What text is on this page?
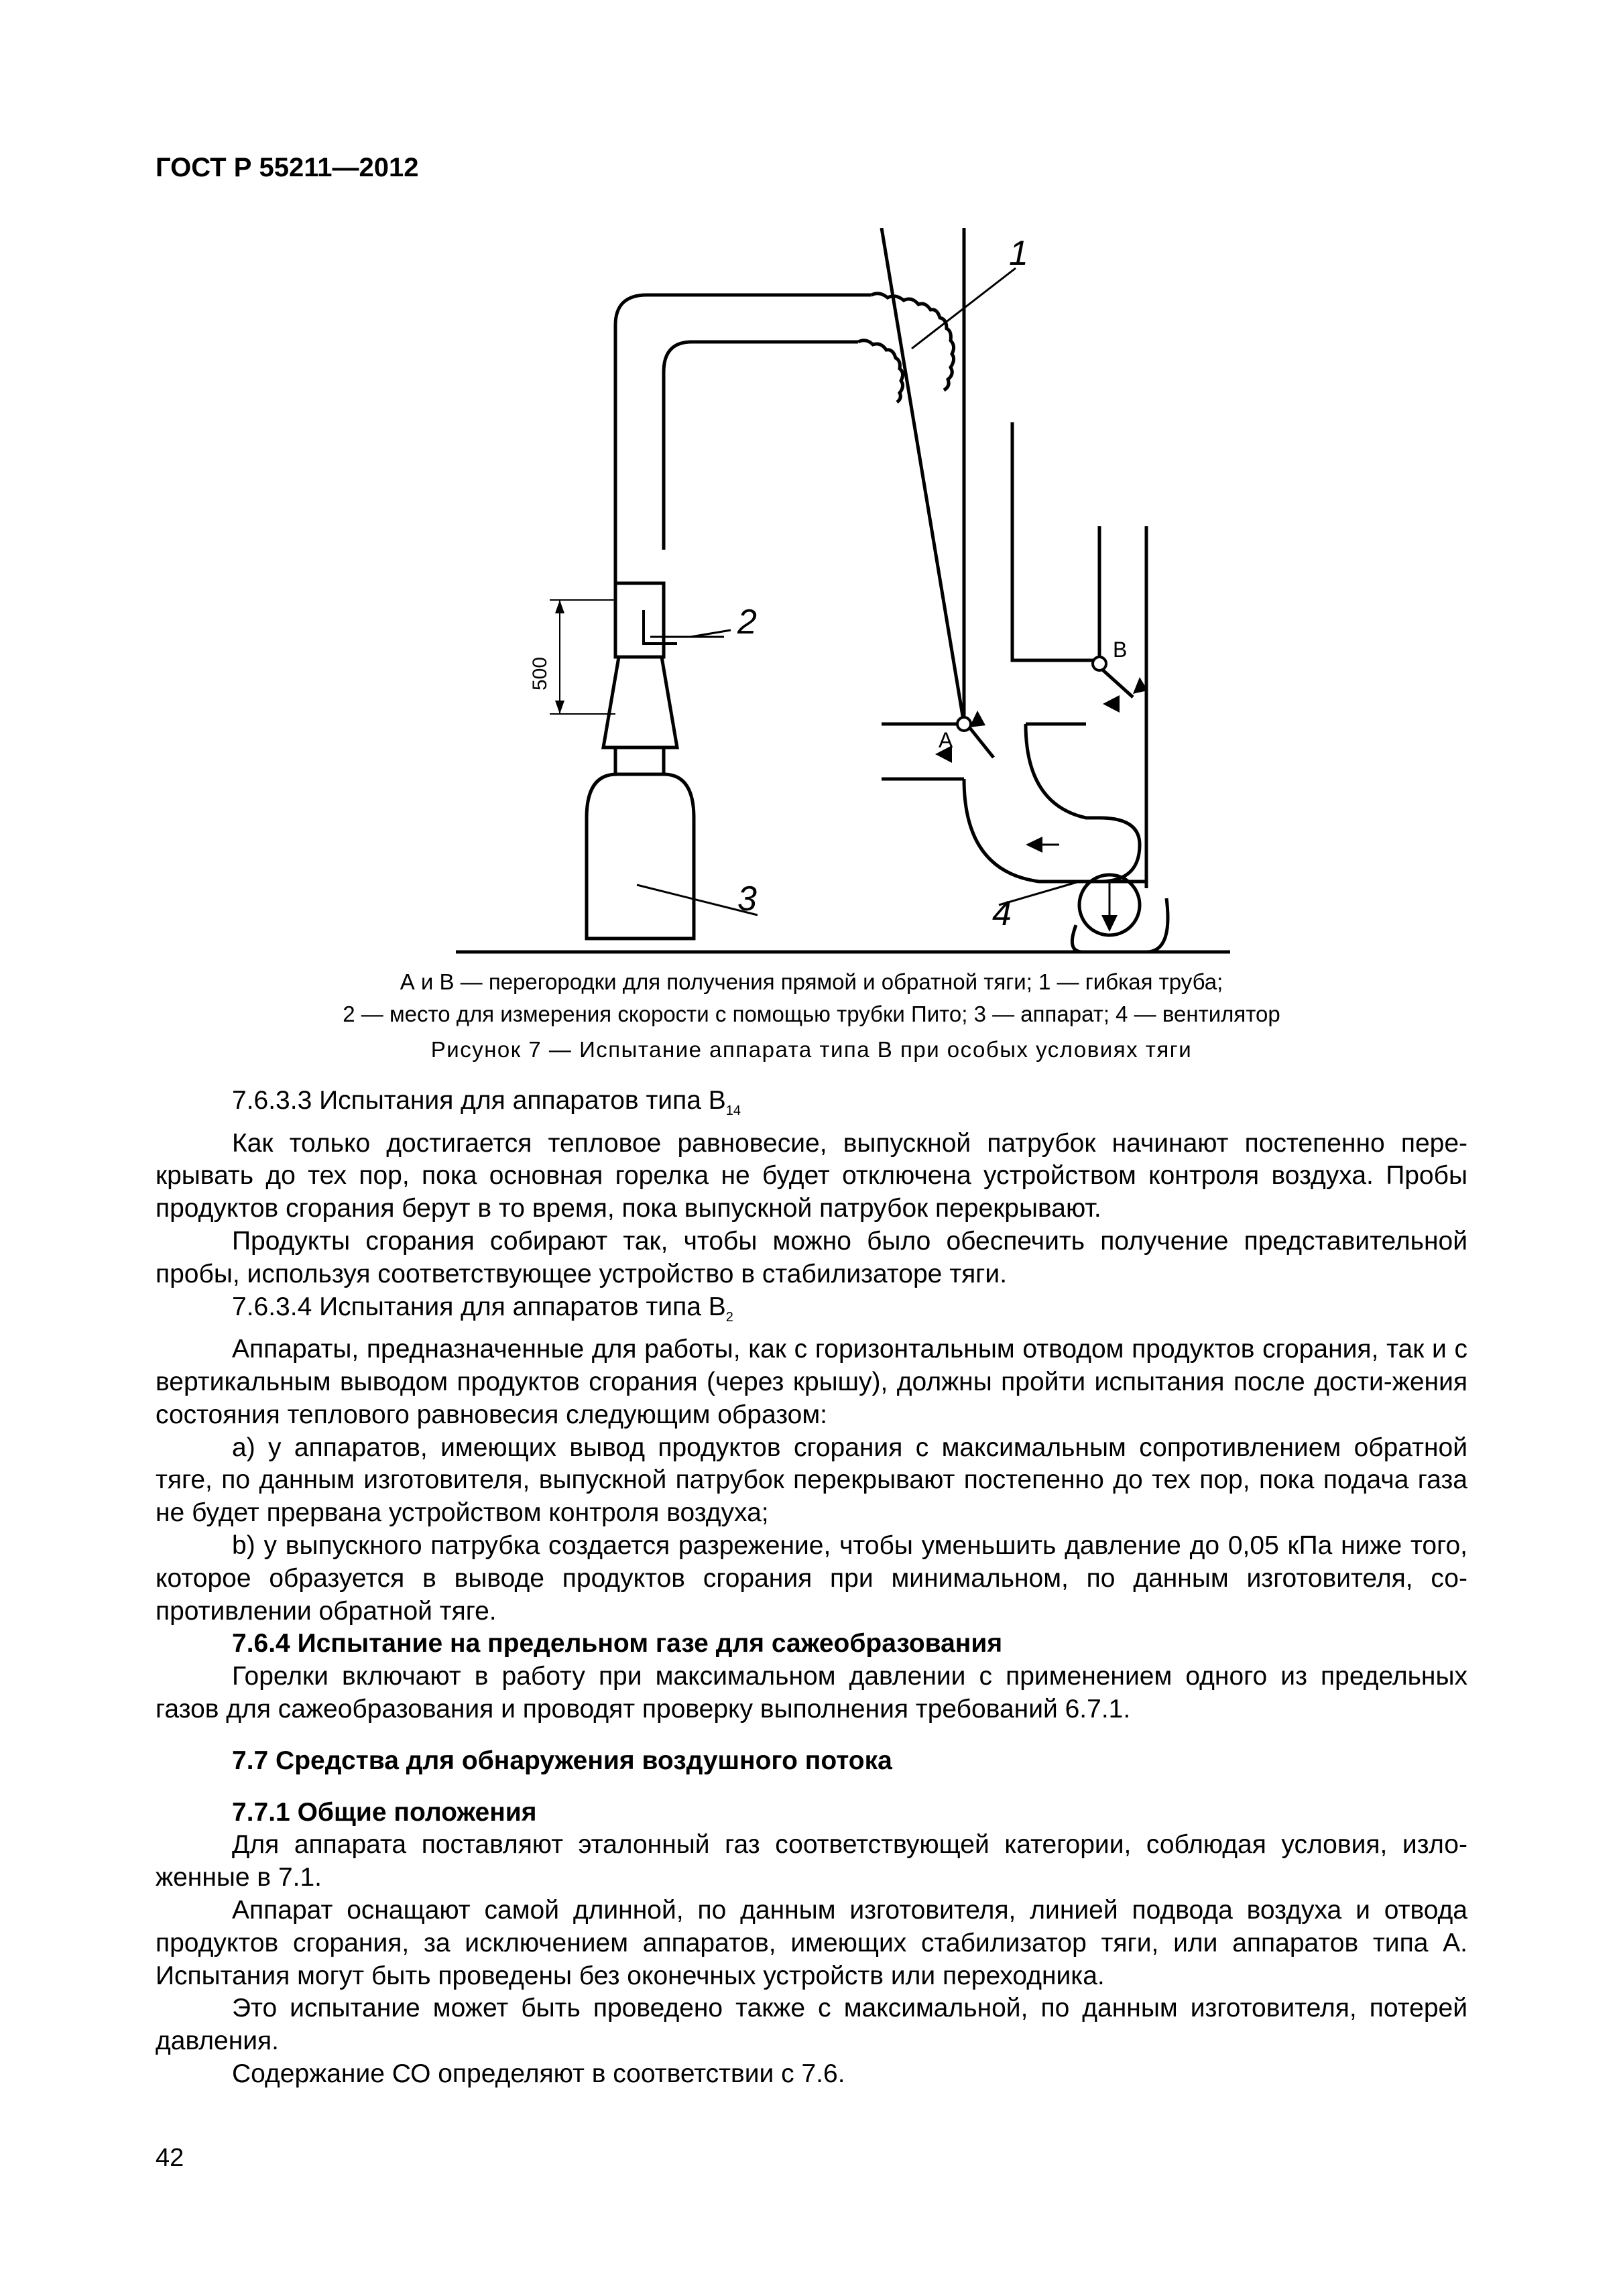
ГОСТ Р 55211—2012
1
2
3	4
A
B
500
А и В — перегородки для получения прямой и обратной тяги; 1 — гибкая труба;
2 — место для измерения скорости с помощью трубки Пито; 3 — аппарат; 4 — вентилятор
Рисунок 7 — Испытание аппарата типа В при особых условиях тяги

7.6.3.3 Испытания для аппаратов типа $B_{14}$

Как только достигается тепловое равновесие, выпускной патрубок начинают постепенно пере-крывать до тех пор, пока основная горелка не будет отключена устройством контроля воздуха. Пробы продуктов сгорания берут в то время, пока выпускной патрубок перекрывают.

Продукты сгорания собирают так, чтобы можно было обеспечить получение представительной пробы, используя соответствующее устройство в стабилизаторе тяги.

7.6.3.4 Испытания для аппаратов типа $B_2$

Аппараты, предназначенные для работы, как с горизонтальным отводом продуктов сгорания, так и с вертикальным выводом продуктов сгорания (через крышу), должны пройти испытания после дости-жения состояния теплового равновесия следующим образом:

a) у аппаратов, имеющих вывод продуктов сгорания с максимальным сопротивлением обратной тяге, по данным изготовителя, выпускной патрубок перекрывают постепенно до тех пор, пока подача газа не будет прервана устройством контроля воздуха;

b) у выпускного патрубка создается разрежение, чтобы уменьшить давление до 0,05 кПа ниже того, которое образуется в выводе продуктов сгорания при минимальном, по данным изготовителя, со-противлении обратной тяге.

7.6.4 Испытание на предельном газе для сажеобразования

Горелки включают в работу при максимальном давлении с применением одного из предельных газов для сажеобразования и проводят проверку выполнения требований 6.7.1.

7.7 Средства для обнаружения воздушного потока

7.7.1 Общие положения

Для аппарата поставляют эталонный газ соответствующей категории, соблюдая условия, изло-женные в 7.1.

Аппарат оснащают самой длинной, по данным изготовителя, линией подвода воздуха и отвода продуктов сгорания, за исключением аппаратов, имеющих стабилизатор тяги, или аппаратов типа А. Испытания могут быть проведены без оконечных устройств или переходника.

Это испытание может быть проведено также с максимальной, по данным изготовителя, потерей давления.

Содержание СО определяют в соответствии с 7.6.

42
